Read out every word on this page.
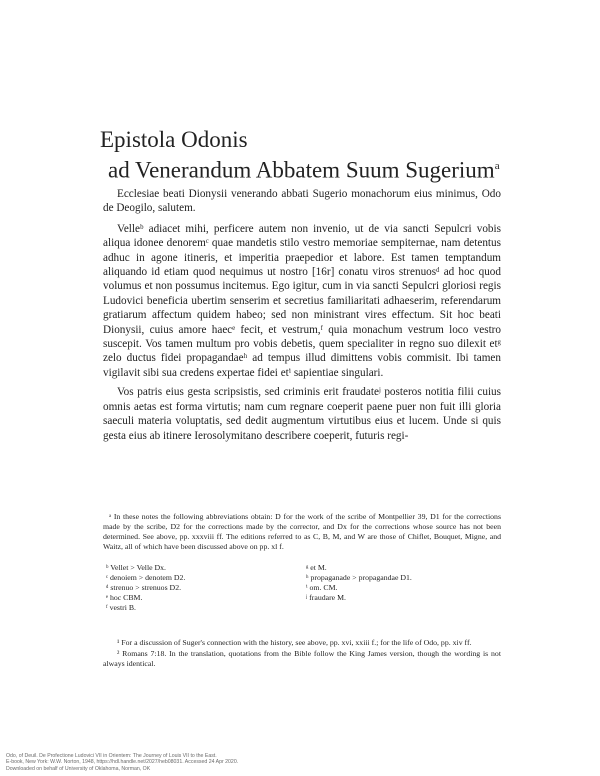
Epistola Odonis
ad Venerandum Abbatem Suum Sugerium$^a$

Ecclesiae beati Dionysii venerando abbati Sugerio monachorum eius minimus, Odo de Deogilo, salutem.

Velleᵇ adiacet mihi, perficere autem non invenio, ut de via sancti Sepulcri vobis aliqua idonee denoremᶜ quae mandetis stilo vestro memoriae sempiternae, nam detentus adhuc in agone itineris, et imperitia praepedior et labore. Est tamen temptandum aliquando id etiam quod nequimus ut nostro [16r] conatu viros strenuosᵈ ad hoc quod volumus et non possumus incitemus. Ego igitur, cum in via sancti Sepulcri gloriosi regis Ludovici beneficia ubertim senserim et secretius familiaritati adhaeserim, referendarum gratiarum affectum quidem habeo; sed non ministrant vires effectum. Sit hoc beati Dionysii, cuius amore haecᵉ fecit, et vestrum,ᶠ quia monachum vestrum loco vestro suscepit. Vos tamen multum pro vobis debetis, quem specialiter in regno suo dilexit etᵍ zelo ductus fidei propagandaeʰ ad tempus illud dimittens vobis commisit. Ibi tamen vigilavit sibi sua credens expertae fidei etⁱ sapientiae singulari.

Vos patris eius gesta scripsistis, sed criminis erit fraudateʲ posteros notitia filii cuius omnis aetas est forma virtutis; nam cum regnare coeperit paene puer non fuit illi gloria saeculi materia voluptatis, sed dedit augmentum virtutibus eius et lucem. Unde si quis gesta eius ab itinere Ierosolymitano describere coeperit, futuris regi-

ᵃ In these notes the following abbreviations obtain: D for the work of the scribe of Montpellier 39, D1 for the corrections made by the scribe, D2 for the corrections made by the corrector, and Dx for the corrections whose source has not been determined. See above, pp. xxxviii ff. The editions referred to as C, B, M, and W are those of Chiflet, Bouquet, Migne, and Waitz, all of which have been discussed above on pp. xl f.

ᵇ Vellet > Velle Dx.
ᶜ denoiem > denotem D2.
ᵈ strenuo > strenuos D2.
ᵉ hoc CBM.
ᶠ vestri B.
ᵍ et M.
ʰ propaganade > propagandae D1.
ⁱ om. CM.
ʲ fraudare M.

¹ For a discussion of Suger's connection with the history, see above, pp. xvi, xxiii f.; for the life of Odo, pp. xiv ff.

² Romans 7:18. In the translation, quotations from the Bible follow the King James version, though the wording is not always identical.

Odo, of Deuil. De Profectione Ludovici VII in Orientem: The Journey of Louis VII to the East.
E-book, New York: W.W. Norton, 1948, https://hdl.handle.net/2027/heb08031. Accessed 24 Apr 2020.
Downloaded on behalf of University of Oklahoma, Norman, OK
